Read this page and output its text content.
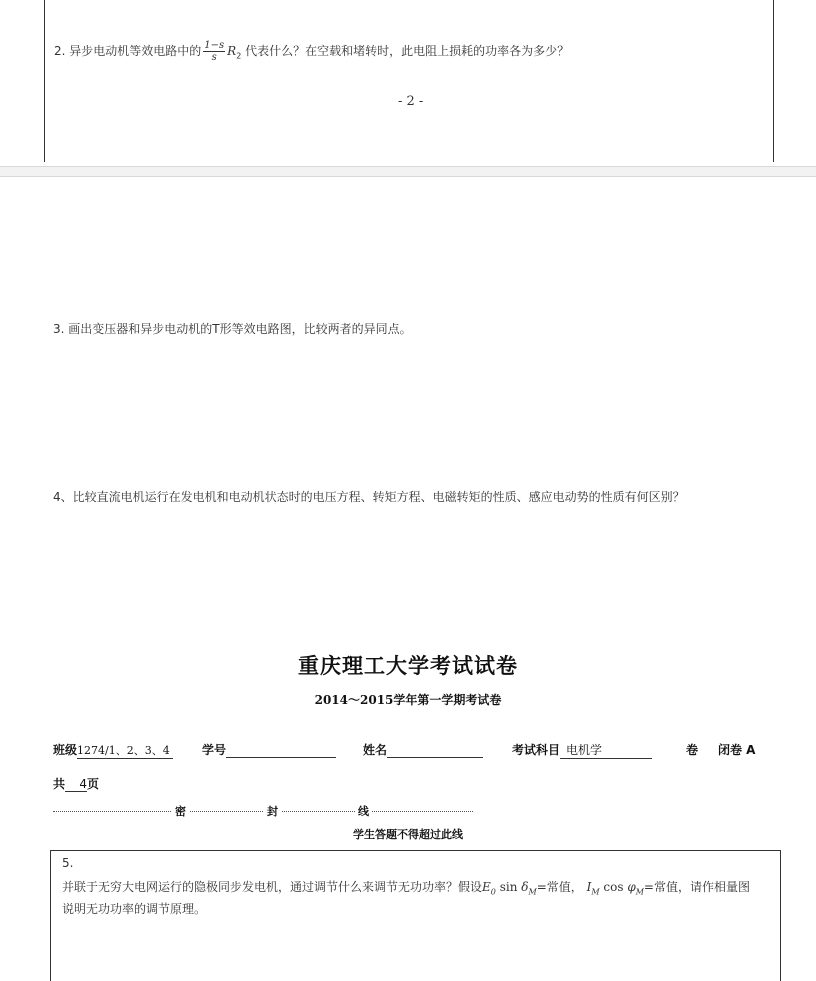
2. 异步电动机等效电路中的 $\frac{1-s}{s} R_2$ 代表什么？在空载和堵转时，此电阻上损耗的功率各为多少？
- 2 -
3. 画出变压器和异步电动机的T形等效电路图，比较两者的异同点。
4、比较直流电机运行在发电机和电动机状态时的电压方程、转矩方程、电磁转矩的性质、感应电动势的性质有何区别？
重庆理工大学考试试卷
2014～2015学年第一学期考试卷
班级1274/1、2、3、4	学号	姓名	考试科目 电机学	卷 闭卷 A
共 4页
密	封	线
学生答题不得超过此线
5.
并联于无穷大电网运行的隐极同步发电机，通过调节什么来调节无功功率？假设$E_0$ $\sin \delta_M=$常值， $I_M$ $\cos \varphi_M=$常值，请作相量图
说明无功功率的调节原理。
